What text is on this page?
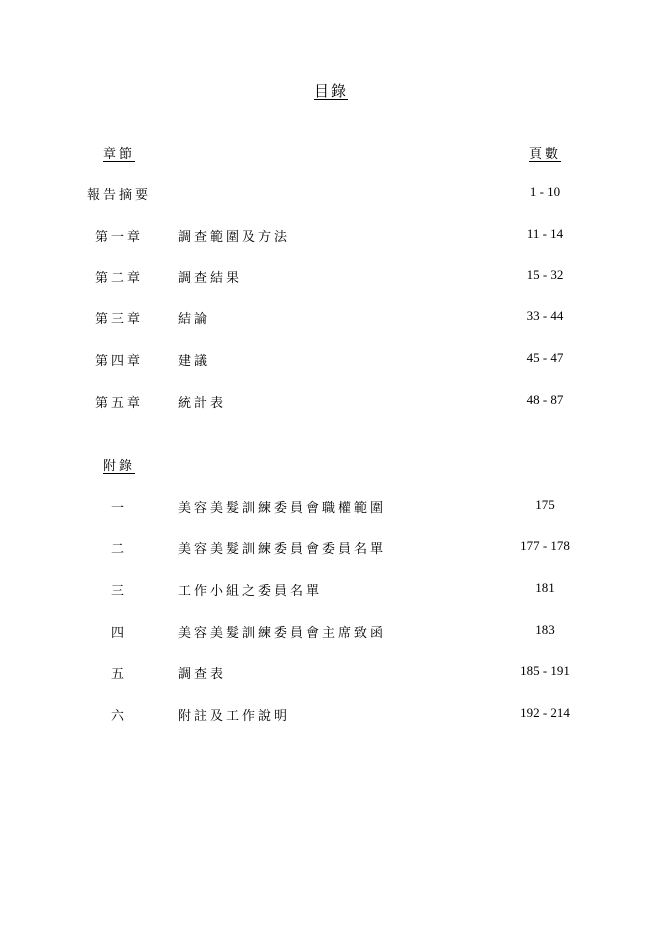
目錄
章節	頁數
報告摘要	1 - 10
第一章	調查範圍及方法	11 - 14
第二章	調查結果	15 - 32
第三章	結論	33 - 44
第四章	建議	45 - 47
第五章	統計表	48 - 87
附錄
一	美容美髮訓練委員會職權範圍	175
二	美容美髮訓練委員會委員名單	177 - 178
三	工作小組之委員名單	181
四	美容美髮訓練委員會主席致函	183
五	調查表	185 - 191
六	附註及工作說明	192 - 214
